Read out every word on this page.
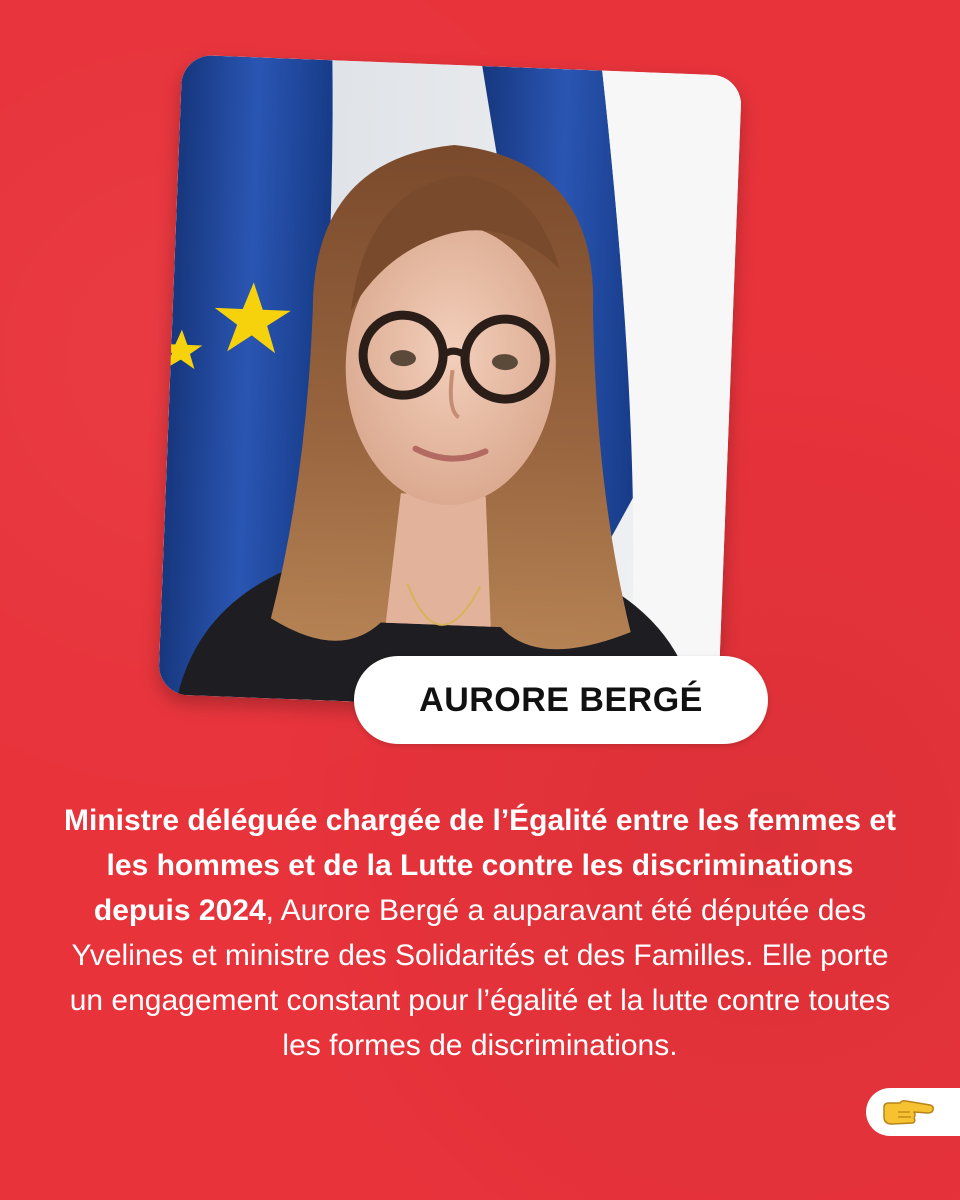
AURORE BERGÉ
Ministre déléguée chargée de l’Égalité entre les femmes et les hommes et de la Lutte contre les discriminations depuis 2024, Aurore Bergé a auparavant été députée des Yvelines et ministre des Solidarités et des Familles. Elle porte un engagement constant pour l’égalité et la lutte contre toutes les formes de discriminations.
